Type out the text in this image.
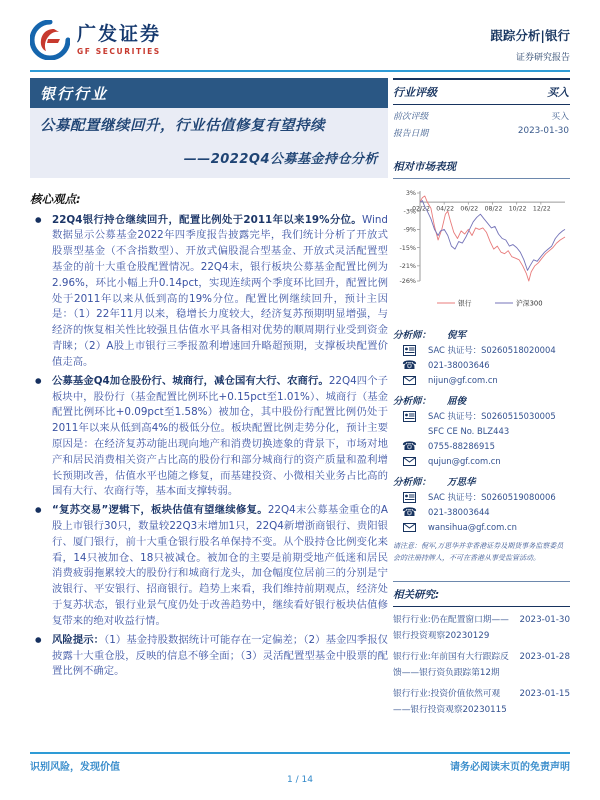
广发证券
GF SECURITIES
跟踪分析|银行
证券研究报告
银行行业
公募配置继续回升，行业估值修复有望持续
——2022Q4公募基金持仓分析
核心观点:
● 22Q4银行持仓继续回升，配置比例处于2011年以来19%分位。Wind数据显示公募基金2022年四季度报告披露完毕，我们统计分析了开放式股票型基金（不含指数型）、开放式偏股混合型基金、开放式灵活配置型基金的前十大重仓股配置情况。22Q4末，银行板块公募基金配置比例为2.96%，环比小幅上升0.14pct，实现连续两个季度环比回升，配置比例处于2011年以来从低到高的19%分位。配置比例继续回升，预计主因是：（1）22年11月以来，稳增长力度较大，经济复苏预期明显增强，与经济的恢复相关性比较强且估值水平具备相对优势的顺周期行业受到资金青睐；（2）A股上市银行三季报盈利增速回升略超预期，支撑板块配置价值走高。
● 公募基金Q4加仓股份行、城商行，减仓国有大行、农商行。22Q4四个子板块中，股份行（基金配置比例环比+0.15pct至1.01%）、城商行（基金配置比例环比+0.09pct至1.58%）被加仓，其中股份行配置比例仍处于2011年以来从低到高4%的极低分位。板块配置比例走势分化，预计主要原因是：在经济复苏动能出现向地产和消费切换迹象的背景下，市场对地产和居民消费相关资产占比高的股份行和部分城商行的资产质量和盈利增长预期改善，估值水平也随之修复，而基建投资、小微相关业务占比高的国有大行、农商行等，基本面支撑转弱。
● “复苏交易”逻辑下，板块估值有望继续修复。22Q4末公募基金重仓的A股上市银行30只，数量较22Q3末增加1只，22Q4新增浙商银行、贵阳银行、厦门银行，前十大重仓银行股名单保持不变。从个股持仓比例变化来看，14只被加仓、18只被减仓。被加仓的主要是前期受地产低迷和居民消费疲弱拖累较大的股份行和城商行龙头，加仓幅度位居前三的分别是宁波银行、平安银行、招商银行。趋势上来看，我们维持前期观点，经济处于复苏状态，银行业景气度仍处于改善趋势中，继续看好银行板块估值修复带来的绝对收益行情。
● 风险提示：（1）基金持股数据统计可能存在一定偏差；（2）基金四季报仅披露十大重仓股，反映的信息不够全面；（3）灵活配置型基金中股票的配置比例不确定。
行业评级	买入
前次评级	买入
报告日期	2023-01-30
相对市场表现
3%
-3%
-9%
-15%
-21%
-26%
02/22 04/22 06/22 08/22 10/22 12/22
银行	沪深300
分析师： 倪军
SAC 执证号：S0260518020004
☎ 021-38003646
nijun@gf.com.cn
分析师： 屈俊
SAC 执证号：S0260515030005
SFC CE No. BLZ443
☎ 0755-88286915
qujun@gf.com.cn
分析师： 万思华
SAC 执证号：S0260519080006
☎ 021-38003644
wansihua@gf.com.cn
请注意：倪军,万思华并非香港证券及期货事务监察委员会的注册持牌人，不可在香港从事受监管活动。
相关研究:
2023-01-30
银行行业:仍在配置窗口期——银行投资观察20230129
2023-01-28
银行行业:年前国有大行跟踪反馈——银行资负跟踪第12期
2023-01-15
银行行业:投资价值依然可观——银行投资观察20230115
识别风险，发现价值	请务必阅读末页的免责声明
1 / 14
